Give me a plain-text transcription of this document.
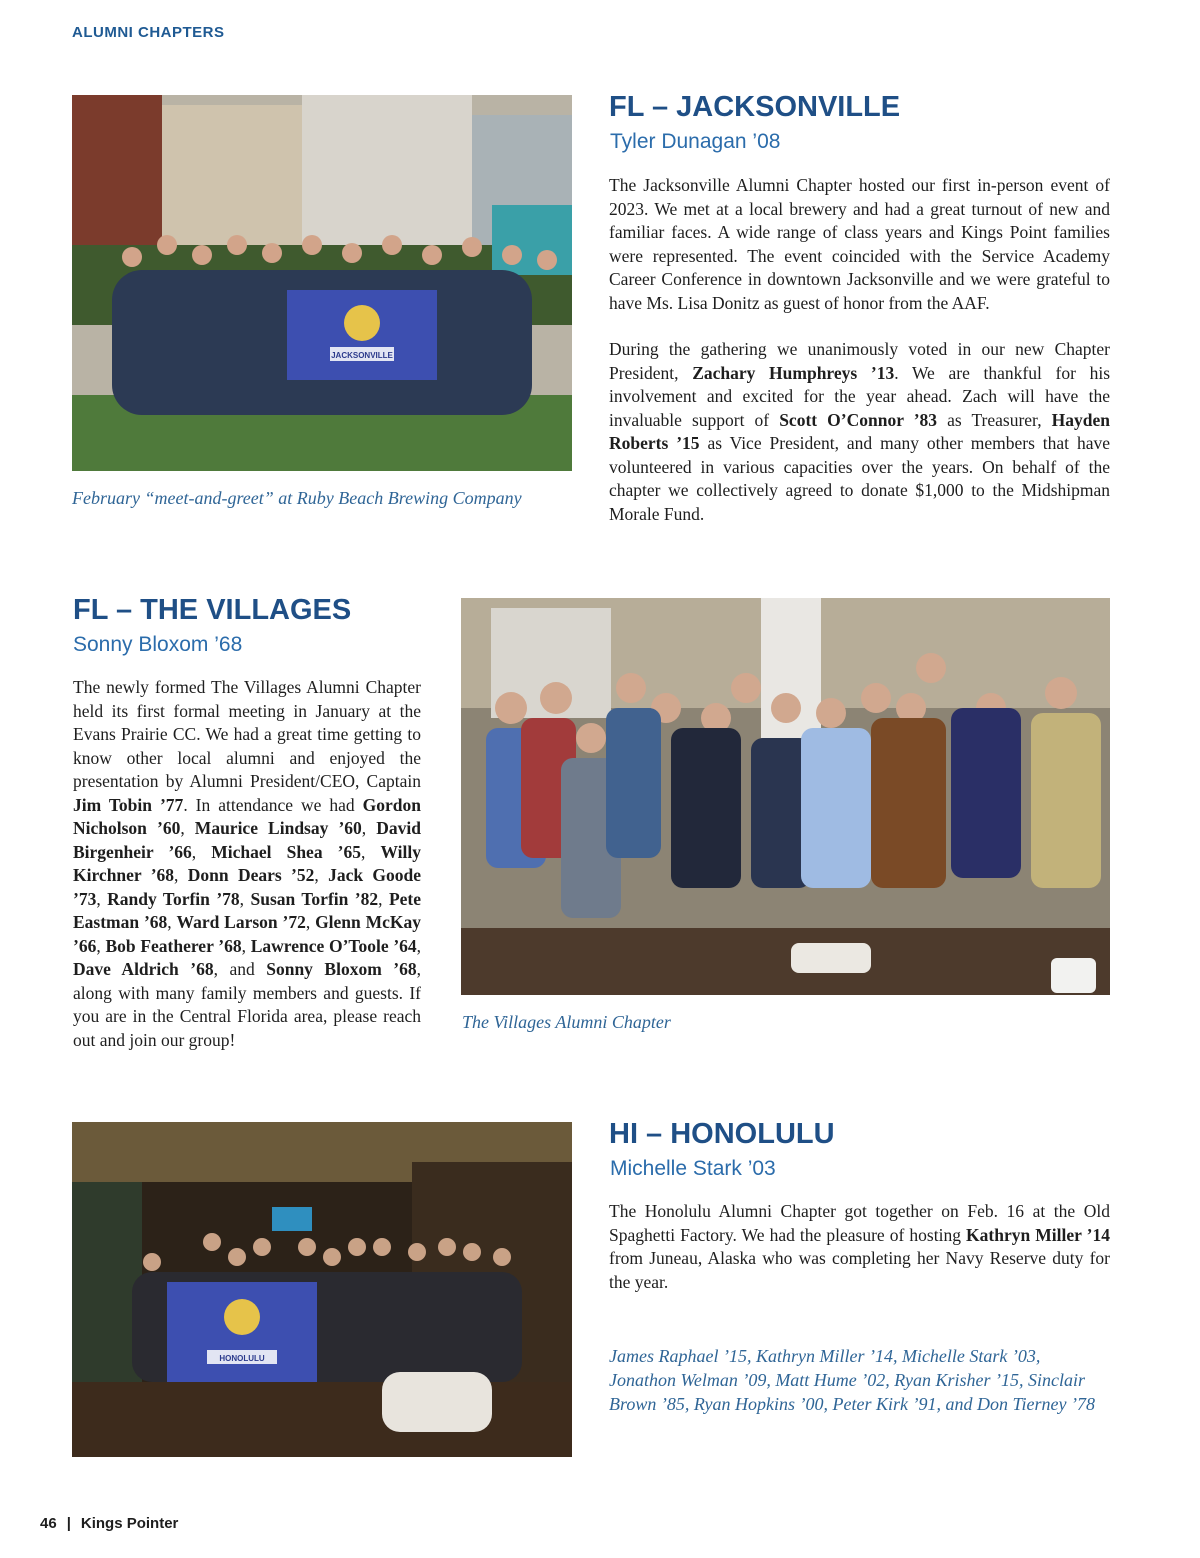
ALUMNI CHAPTERS
JACKSONVILLE
February “meet-and-greet” at Ruby Beach Brewing Company
FL – JACKSONVILLE
Tyler Dunagan ’08

The Jacksonville Alumni Chapter hosted our first in-person event of 2023. We met at a local brewery and had a great turnout of new and familiar faces. A wide range of class years and Kings Point families were represented. The event coincided with the Service Academy Career Conference in downtown Jacksonville and we were grateful to have Ms. Lisa Donitz as guest of honor from the AAF.

During the gathering we unanimously voted in our new Chapter President, Zachary Humphreys ’13. We are thankful for his involvement and excited for the year ahead. Zach will have the invaluable support of Scott O’Connor ’83 as Treasurer, Hayden Roberts ’15 as Vice President, and many other members that have volunteered in various capacities over the years. On behalf of the chapter we collectively agreed to donate $1,000 to the Midshipman Morale Fund.

FL – THE VILLAGES
Sonny Bloxom ’68

The newly formed The Villages Alumni Chapter held its first formal meeting in January at the Evans Prairie CC. We had a great time getting to know other local alumni and enjoyed the presentation by Alumni President/CEO, Captain Jim Tobin ’77. In attendance we had Gordon Nicholson ’60, Maurice Lindsay ’60, David Birgenheir ’66, Michael Shea ’65, Willy Kirchner ’68, Donn Dears ’52, Jack Goode ’73, Randy Torfin ’78, Susan Torfin ’82, Pete Eastman ’68, Ward Larson ’72, Glenn McKay ’66, Bob Featherer ’68, Lawrence O’Toole ’64, Dave Aldrich ’68, and Sonny Bloxom ’68, along with many family members and guests. If you are in the Central Florida area, please reach out and join our group!

The Villages Alumni Chapter
HONOLULU
HI – HONOLULU
Michelle Stark ’03

The Honolulu Alumni Chapter got together on Feb. 16 at the Old Spaghetti Factory. We had the pleasure of hosting Kathryn Miller ’14 from Juneau, Alaska who was completing her Navy Reserve duty for the year.

James Raphael ’15, Kathryn Miller ’14, Michelle Stark ’03, Jonathon Welman ’09, Matt Hume ’02, Ryan Krisher ’15, Sinclair Brown ’85, Ryan Hopkins ’00, Peter Kirk ’91, and Don Tierney ’78
46 | Kings Pointer
